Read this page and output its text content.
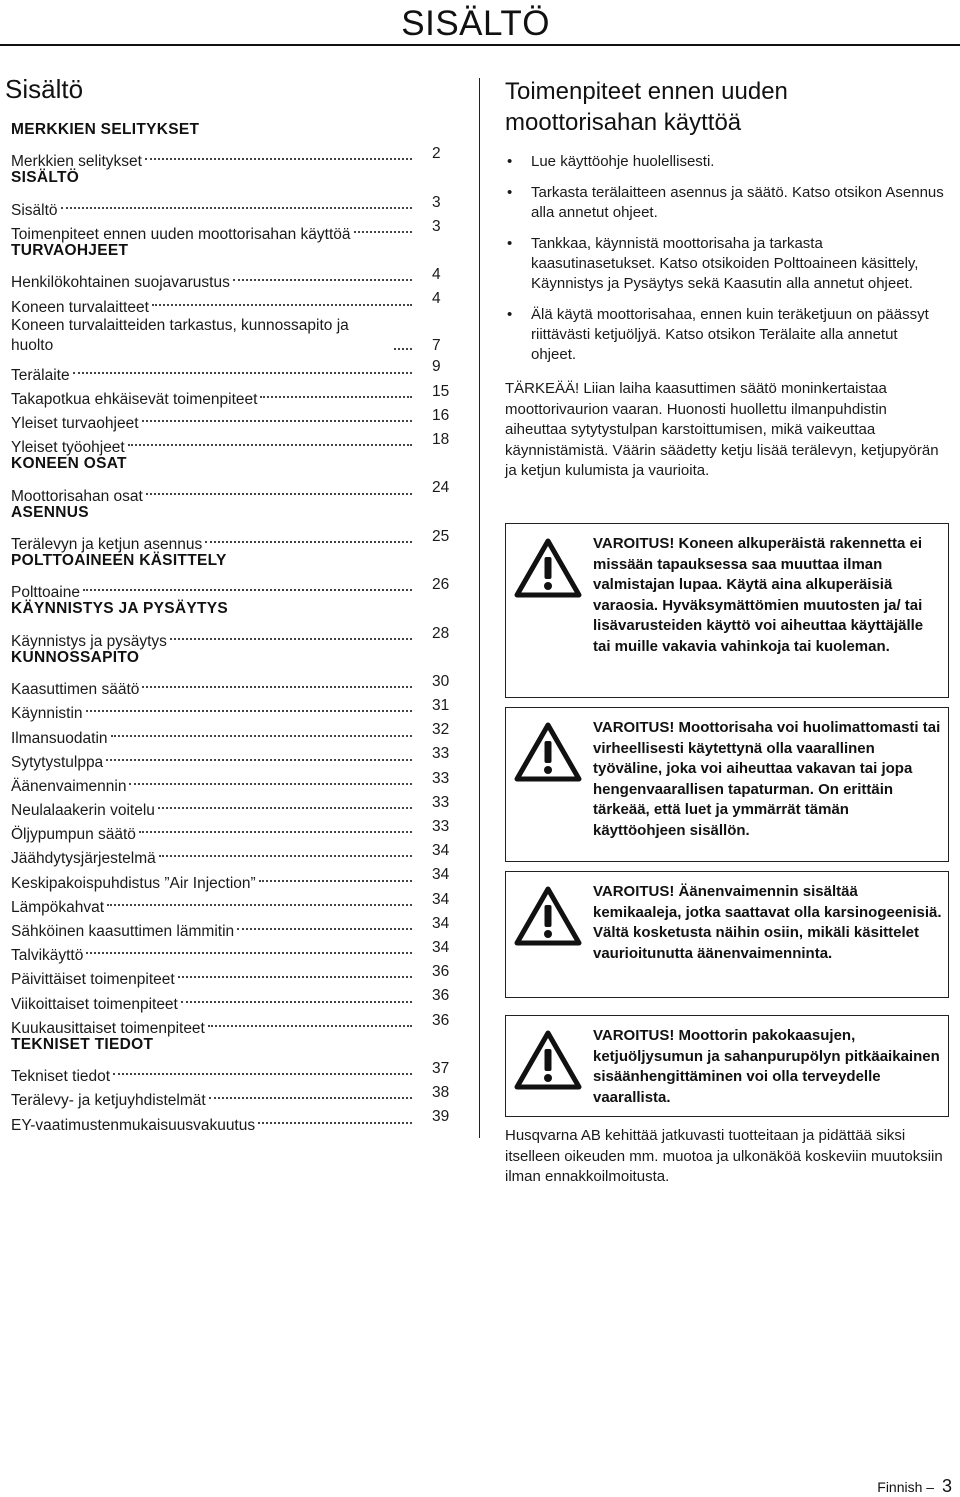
SISÄLTÖ
Sisältö
MERKKIEN SELITYKSET
Merkkien selitykset	2
SISÄLTÖ
Sisältö	3
Toimenpiteet ennen uuden moottorisahan käyttöä	3
TURVAOHJEET
Henkilökohtainen suojavarustus	4
Koneen turvalaitteet	4
Koneen turvalaitteiden tarkastus, kunnossapito ja huolto	7
Terälaite	9
Takapotkua ehkäisevät toimenpiteet	15
Yleiset turvaohjeet	16
Yleiset työohjeet	18
KONEEN OSAT
Moottorisahan osat	24
ASENNUS
Terälevyn ja ketjun asennus	25
POLTTOAINEEN KÄSITTELY
Polttoaine	26
KÄYNNISTYS JA PYSÄYTYS
Käynnistys ja pysäytys	28
KUNNOSSAPITO
Kaasuttimen säätö	30
Käynnistin	31
Ilmansuodatin	32
Sytytystulppa	33
Äänenvaimennin	33
Neulalaakerin voitelu	33
Öljypumpun säätö	33
Jäähdytysjärjestelmä	34
Keskipakoispuhdistus ”Air Injection”	34
Lämpökahvat	34
Sähköinen kaasuttimen lämmitin	34
Talvikäyttö	34
Päivittäiset toimenpiteet	36
Viikoittaiset toimenpiteet	36
Kuukausittaiset toimenpiteet	36
TEKNISET TIEDOT
Tekniset tiedot	37
Terälevy- ja ketjuyhdistelmät	38
EY-vaatimustenmukaisuusvakuutus	39
Toimenpiteet ennen uuden
moottorisahan käyttöä
• Lue käyttöohje huolellisesti.
• Tarkasta terälaitteen asennus ja säätö. Katso otsikon Asennus alla annetut ohjeet.
• Tankkaa, käynnistä moottorisaha ja tarkasta kaasutinasetukset. Katso otsikoiden Polttoaineen käsittely, Käynnistys ja Pysäytys sekä Kaasutin alla annetut ohjeet.
• Älä käytä moottorisahaa, ennen kuin teräketjuun on päässyt riittävästi ketjuöljyä. Katso otsikon Terälaite alla annetut ohjeet.
TÄRKEÄÄ! Liian laiha kaasuttimen säätö moninkertaistaa moottorivaurion vaaran. Huonosti huollettu ilmanpuhdistin aiheuttaa sytytystulpan karstoittumisen, mikä vaikeuttaa käynnistämistä. Väärin säädetty ketju lisää terälevyn, ketjupyörän ja ketjun kulumista ja vaurioita.
VAROITUS! Koneen alkuperäistä rakennetta ei missään tapauksessa saa muuttaa ilman valmistajan lupaa. Käytä aina alkuperäisiä varaosia. Hyväksymättömien muutosten ja/ tai lisävarusteiden käyttö voi aiheuttaa käyttäjälle tai muille vakavia vahinkoja tai kuoleman.
VAROITUS! Moottorisaha voi huolimattomasti tai virheellisesti käytettynä olla vaarallinen työväline, joka voi aiheuttaa vakavan tai jopa hengenvaarallisen tapaturman. On erittäin tärkeää, että luet ja ymmärrät tämän käyttöohjeen sisällön.
VAROITUS! Äänenvaimennin sisältää kemikaaleja, jotka saattavat olla karsinogeenisiä. Vältä kosketusta näihin osiin, mikäli käsittelet vaurioitunutta äänenvaimenninta.
VAROITUS! Moottorin pakokaasujen, ketjuöljysumun ja sahanpurupölyn pitkäaikainen sisäänhengittäminen voi olla terveydelle vaarallista.
Husqvarna AB kehittää jatkuvasti tuotteitaan ja pidättää siksi itselleen oikeuden mm. muotoa ja ulkonäköä koskeviin muutoksiin ilman ennakkoilmoitusta.
Finnish – 3
